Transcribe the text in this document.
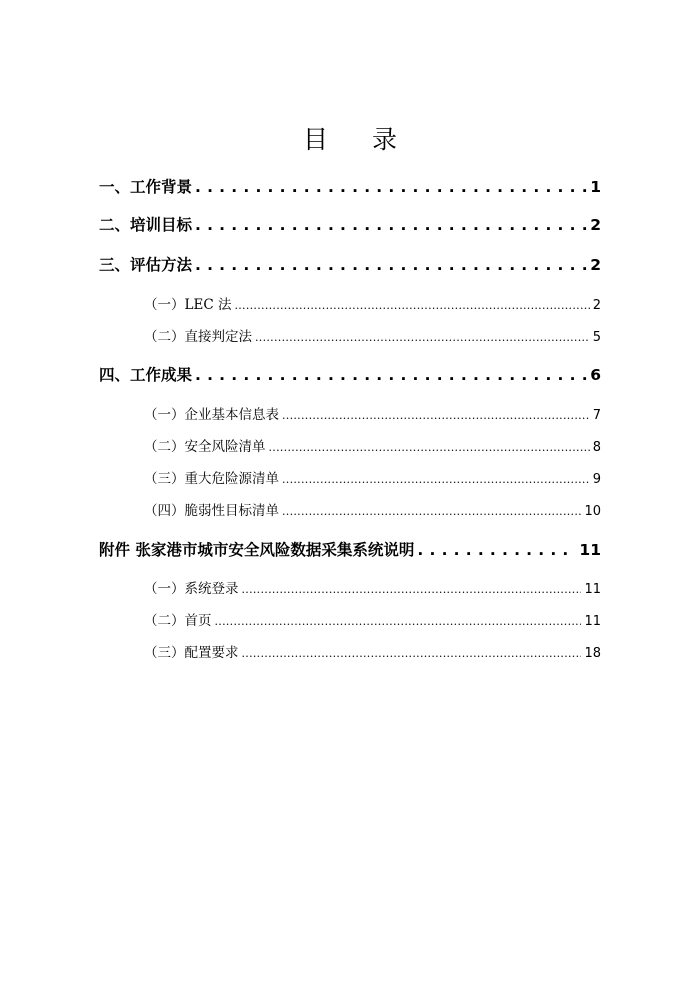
目 录
一、工作背景 . . .	1
二、培训目标 . . .	2
三、评估方法 . . .	2
（一）LEC 法 .....	2
（二）直接判定法 .....	5
四、工作成果 . . .	6
（一）企业基本信息表 .....	7
（二）安全风险清单 .....	8
（三）重大危险源清单 .....	9
（四）脆弱性目标清单 .....	10
附件 张家港市城市安全风险数据采集系统说明 . . .	11
（一）系统登录 .....	11
（二）首页 .....	11
（三）配置要求 .....	18
